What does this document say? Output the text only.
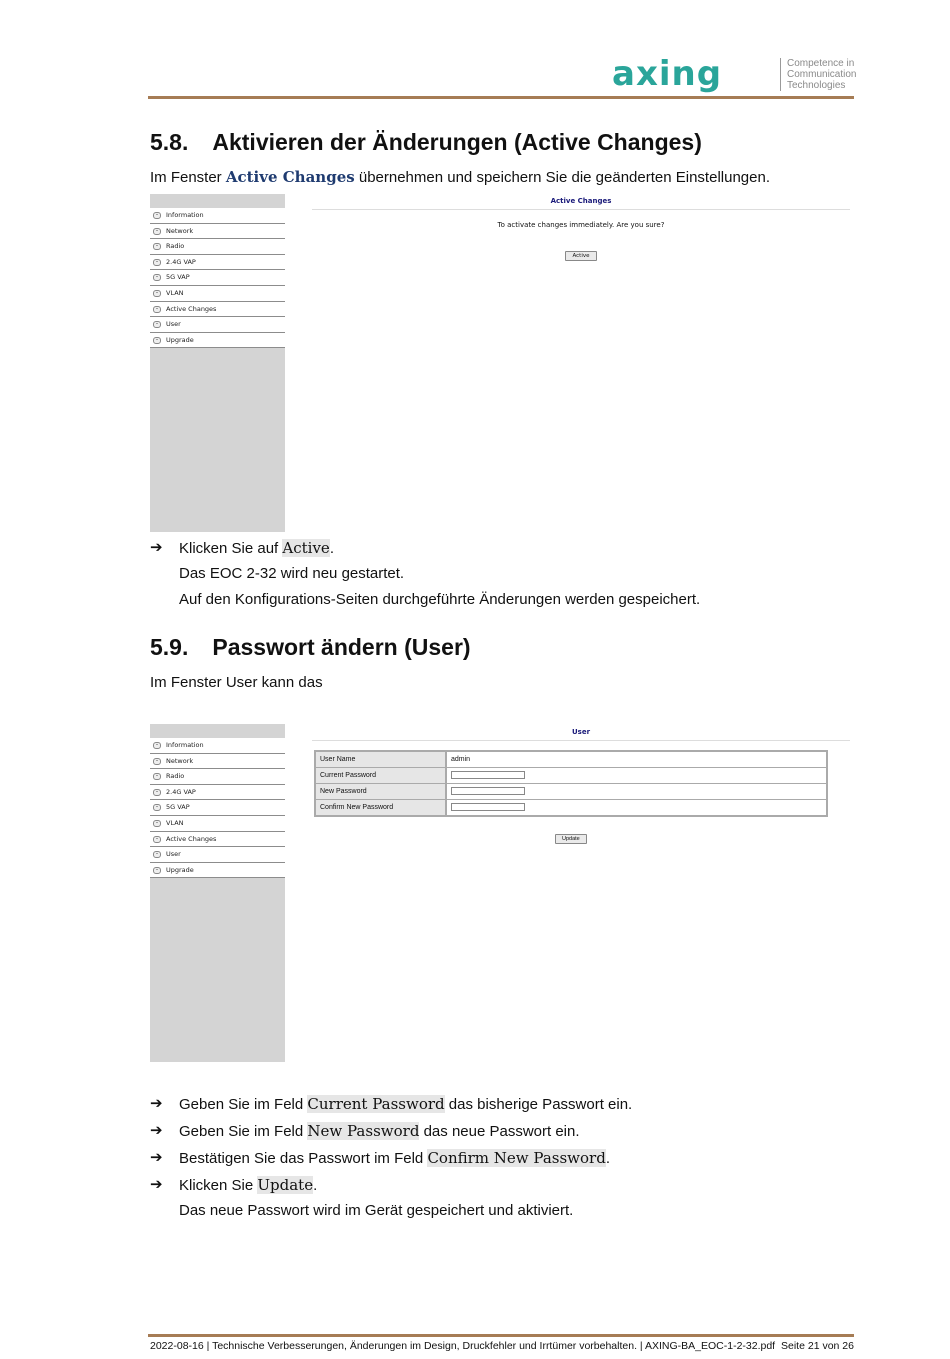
axing	Competence in
Communication
Technologies
5.8. Aktivieren der Änderungen (Active Changes)
Im Fenster Active Changes übernehmen und speichern Sie die geänderten Einstellungen.
–	Information
–	Network
–	Radio
–	2.4G VAP
–	5G VAP
–	VLAN
–	Active Changes
–	User
–	Upgrade
Active Changes
To activate changes immediately. Are you sure?
Active
➔	Klicken Sie auf Active.
Das EOC 2-32 wird neu gestartet.
Auf den Konfigurations-Seiten durchgeführte Änderungen werden gespeichert.
5.9. Passwort ändern (User)
Im Fenster User kann das
–	Information
–	Network
–	Radio
–	2.4G VAP
–	5G VAP
–	VLAN
–	Active Changes
–	User
–	Upgrade
User
User Name	admin
Current Password
New Password
Confirm New Password
Update
➔	Geben Sie im Feld Current Password das bisherige Passwort ein.
➔	Geben Sie im Feld New Password das neue Passwort ein.
➔	Bestätigen Sie das Passwort im Feld Confirm New Password.
➔	Klicken Sie Update.
Das neue Passwort wird im Gerät gespeichert und aktiviert.
2022-08-16 | Technische Verbesserungen, Änderungen im Design, Druckfehler und Irrtümer vorbehalten. | AXING-BA_EOC-1-2-32.pdf Seite 21 von 26
